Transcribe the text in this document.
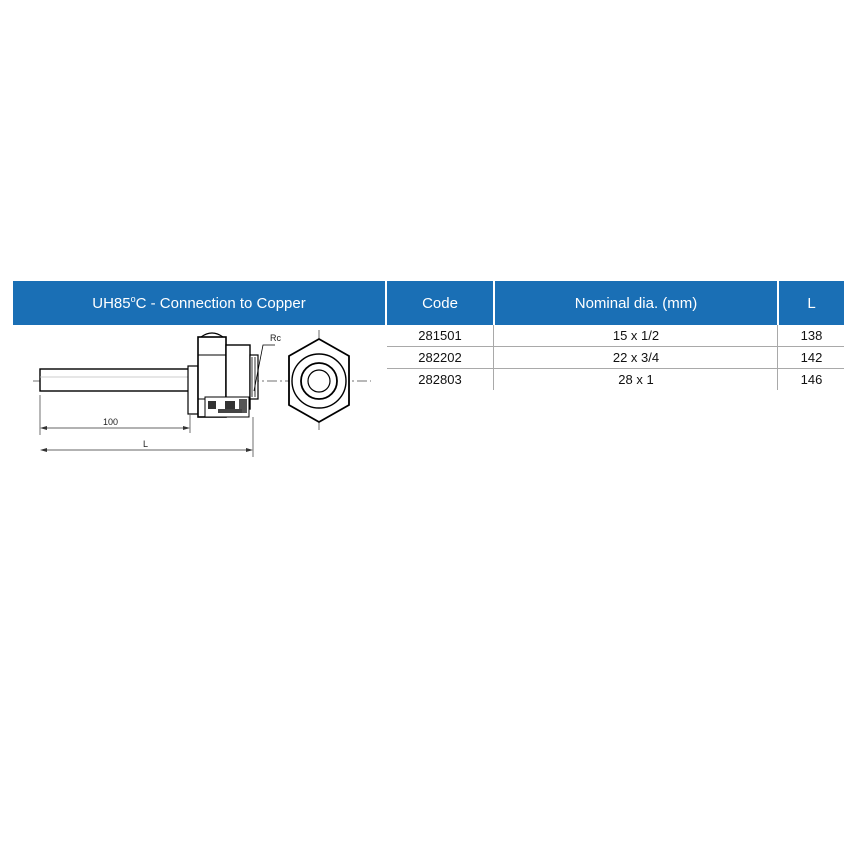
UH85$^o$C - Connection to Copper	Code	Nominal dia. (mm)	L
281501	15 x 1/2	138
282202	22 x 3/4	142
282803	28 x 1	146
Rc
100
L
